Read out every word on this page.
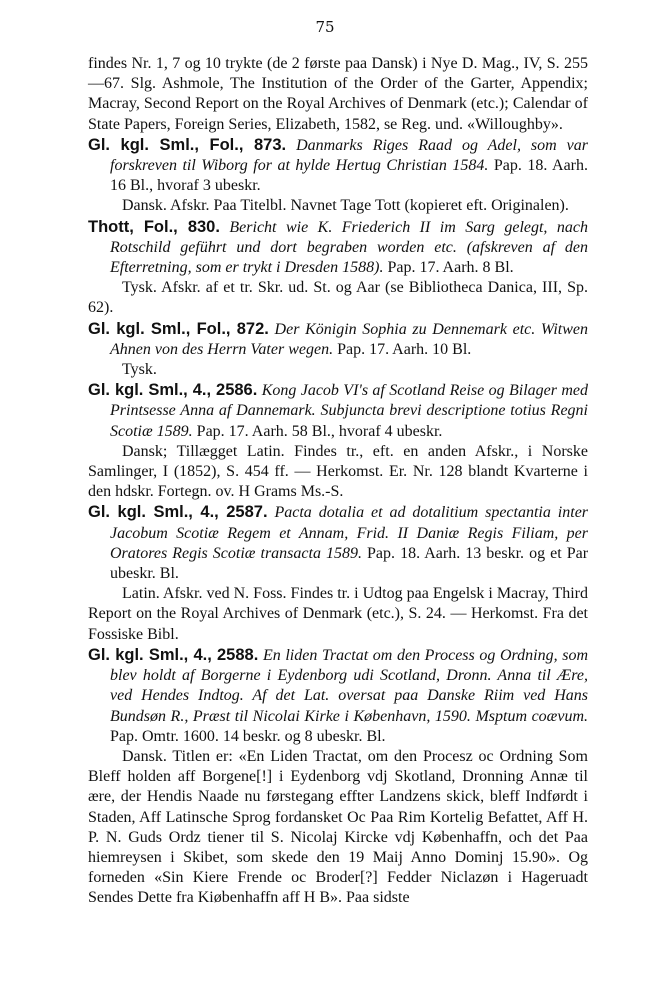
75

findes Nr. 1, 7 og 10 trykte (de 2 første paa Dansk) i Nye D. Mag., IV, S. 255—67. Slg. Ashmole, The Institution of the Order of the Garter, Appendix; Macray, Second Report on the Royal Archives of Denmark (etc.); Calendar of State Papers, Foreign Series, Elizabeth, 1582, se Reg. und. «Willoughby».

Gl. kgl. Sml., Fol., 873. Danmarks Riges Raad og Adel, som var forskreven til Wiborg for at hylde Hertug Christian 1584. Pap. 18. Aarh. 16 Bl., hvoraf 3 ubeskr.

Dansk. Afskr. Paa Titelbl. Navnet Tage Tott (kopieret eft. Originalen).

Thott, Fol., 830. Bericht wie K. Friederich II im Sarg gelegt, nach Rotschild geführt und dort begraben worden etc. (afskreven af den Efterretning, som er trykt i Dresden 1588). Pap. 17. Aarh. 8 Bl.

Tysk. Afskr. af et tr. Skr. ud. St. og Aar (se Bibliotheca Danica, III, Sp. 62).

Gl. kgl. Sml., Fol., 872. Der Königin Sophia zu Dennemark etc. Witwen Ahnen von des Herrn Vater wegen. Pap. 17. Aarh. 10 Bl.

Tysk.

Gl. kgl. Sml., 4., 2586. Kong Jacob VI's af Scotland Reise og Bilager med Printsesse Anna af Dannemark. Subjuncta brevi descriptione totius Regni Scotiæ 1589. Pap. 17. Aarh. 58 Bl., hvoraf 4 ubeskr.

Dansk; Tillægget Latin. Findes tr., eft. en anden Afskr., i Norske Samlinger, I (1852), S. 454 ff. — Herkomst. Er. Nr. 128 blandt Kvarterne i den hdskr. Fortegn. ov. H Grams Ms.-S.

Gl. kgl. Sml., 4., 2587. Pacta dotalia et ad dotalitium spectantia inter Jacobum Scotiæ Regem et Annam, Frid. II Daniæ Regis Filiam, per Oratores Regis Scotiæ transacta 1589. Pap. 18. Aarh. 13 beskr. og et Par ubeskr. Bl.

Latin. Afskr. ved N. Foss. Findes tr. i Udtog paa Engelsk i Macray, Third Report on the Royal Archives of Denmark (etc.), S. 24. — Herkomst. Fra det Fossiske Bibl.

Gl. kgl. Sml., 4., 2588. En liden Tractat om den Process og Ordning, som blev holdt af Borgerne i Eydenborg udi Scotland, Dronn. Anna til Ære, ved Hendes Indtog. Af det Lat. oversat paa Danske Riim ved Hans Bundsøn R., Præst til Nicolai Kirke i København, 1590. Msptum coævum. Pap. Omtr. 1600. 14 beskr. og 8 ubeskr. Bl.

Dansk. Titlen er: «En Liden Tractat, om den Procesz oc Ordning Som Bleff holden aff Borgene[!] i Eydenborg vdj Skotland, Dronning Annæ til ære, der Hendis Naade nu førstegang effter Landzens skick, bleff Indførdt i Staden, Aff Latinsche Sprog fordansket Oc Paa Rim Kortelig Befattet, Aff H. P. N. Guds Ordz tiener til S. Nicolaj Kircke vdj Københaffn, och det Paa hiemreysen i Skibet, som skede den 19 Maij Anno Dominj 15.90». Og forneden «Sin Kiere Frende oc Broder[?] Fedder Niclazøn i Hageruadt Sendes Dette fra Kiøbenhaffn aff H B». Paa sidste
